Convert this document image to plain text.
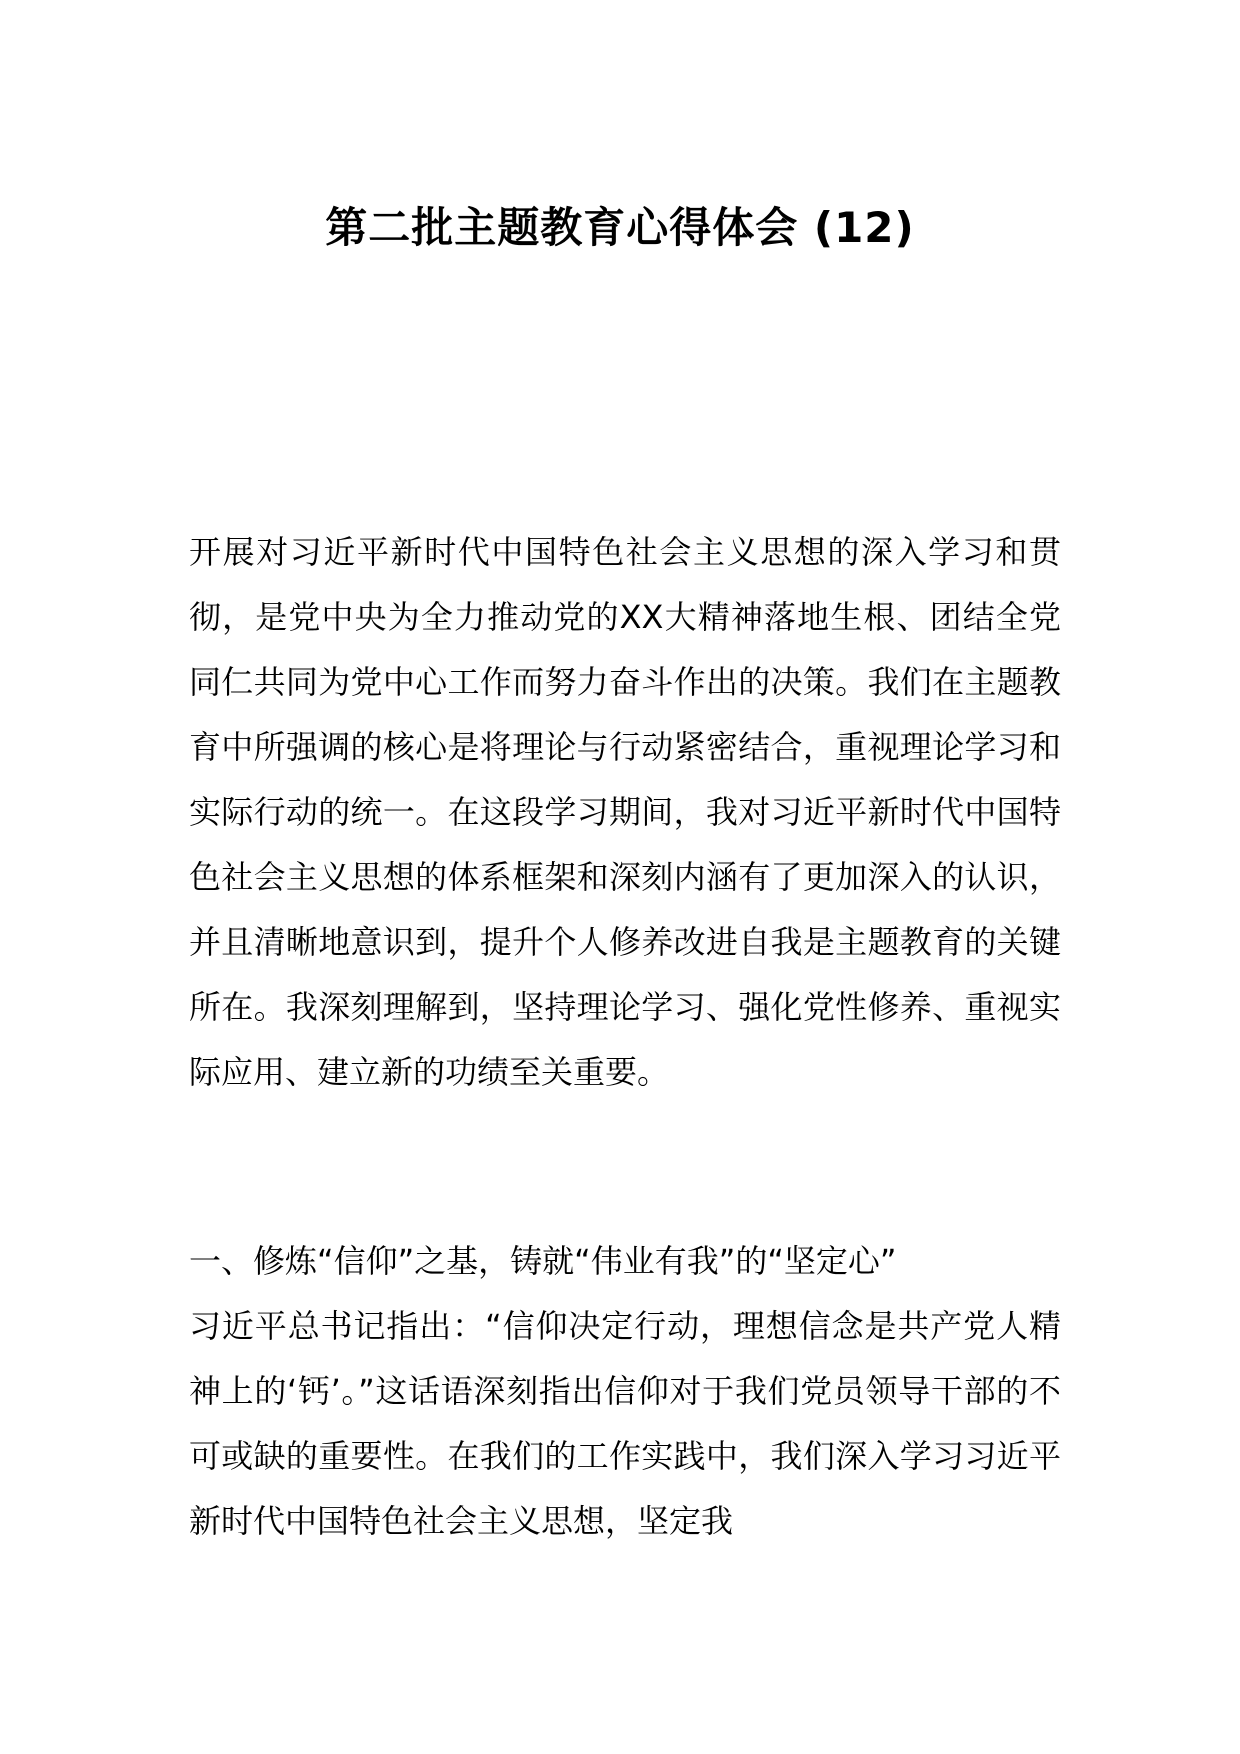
第二批主题教育心得体会 (12)
开展对习近平新时代中国特色社会主义思想的深入学习和贯彻，是党中央为全力推动党的XX大精神落地生根、团结全党同仁共同为党中心工作而努力奋斗作出的决策。我们在主题教育中所强调的核心是将理论与行动紧密结合，重视理论学习和实际行动的统一。在这段学习期间，我对习近平新时代中国特色社会主义思想的体系框架和深刻内涵有了更加深入的认识，并且清晰地意识到，提升个人修养改进自我是主题教育的关键所在。我深刻理解到，坚持理论学习、强化党性修养、重视实际应用、建立新的功绩至关重要。
一、修炼“信仰”之基，铸就“伟业有我”的“坚定心”
习近平总书记指出：“信仰决定行动，理想信念是共产党人精神上的‘钙’。”这话语深刻指出信仰对于我们党员领导干部的不可或缺的重要性。在我们的工作实践中，我们深入学习习近平新时代中国特色社会主义思想，坚定我
